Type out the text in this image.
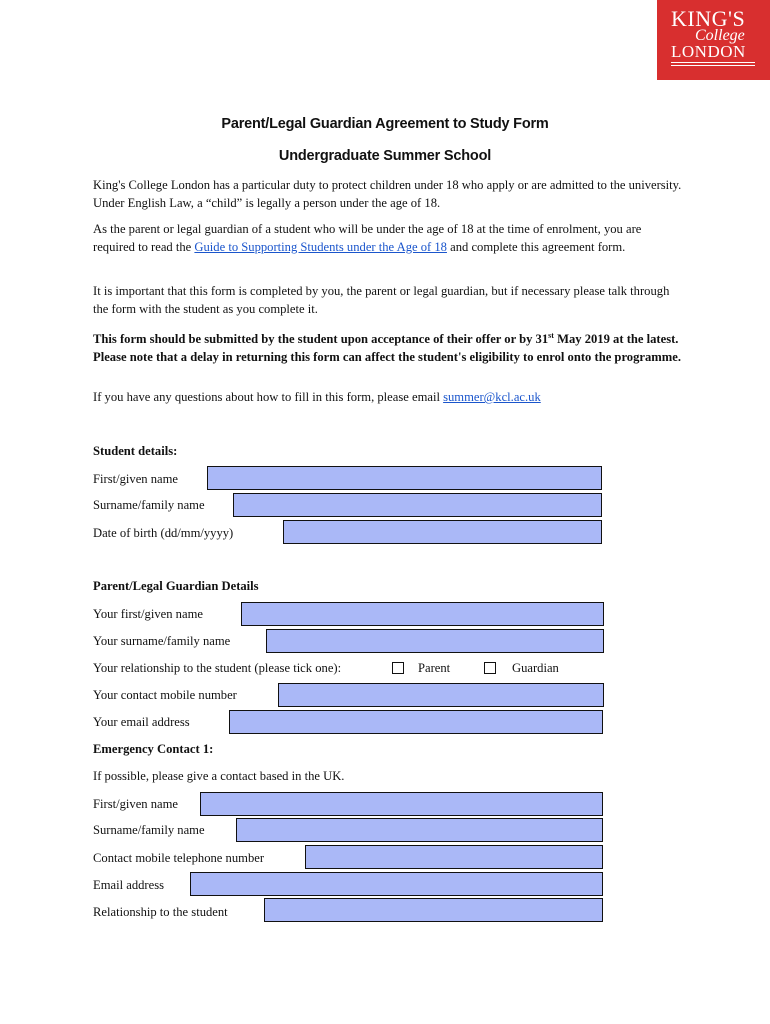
KING'S
College
LONDON
Parent/Legal Guardian Agreement to Study Form
Undergraduate Summer School

King's College London has a particular duty to protect children under 18 who apply or are admitted to the university. Under English Law, a “child” is legally a person under the age of 18.

As the parent or legal guardian of a student who will be under the age of 18 at the time of enrolment, you are required to read the Guide to Supporting Students under the Age of 18 and complete this agreement form.

It is important that this form is completed by you, the parent or legal guardian, but if necessary please talk through the form with the student as you complete it.

This form should be submitted by the student upon acceptance of their offer or by 31st May 2019 at the latest. Please note that a delay in returning this form can affect the student's eligibility to enrol onto the programme.

If you have any questions about how to fill in this form, please email summer@kcl.ac.uk

Student details:
First/given name
Surname/family name
Date of birth (dd/mm/yyyy)
Parent/Legal Guardian Details
Your first/given name
Your surname/family name
Your relationship to the student (please tick one):	Parent	Guardian
Your contact mobile number
Your email address
Emergency Contact 1:
If possible, please give a contact based in the UK.
First/given name
Surname/family name
Contact mobile telephone number
Email address
Relationship to the student
